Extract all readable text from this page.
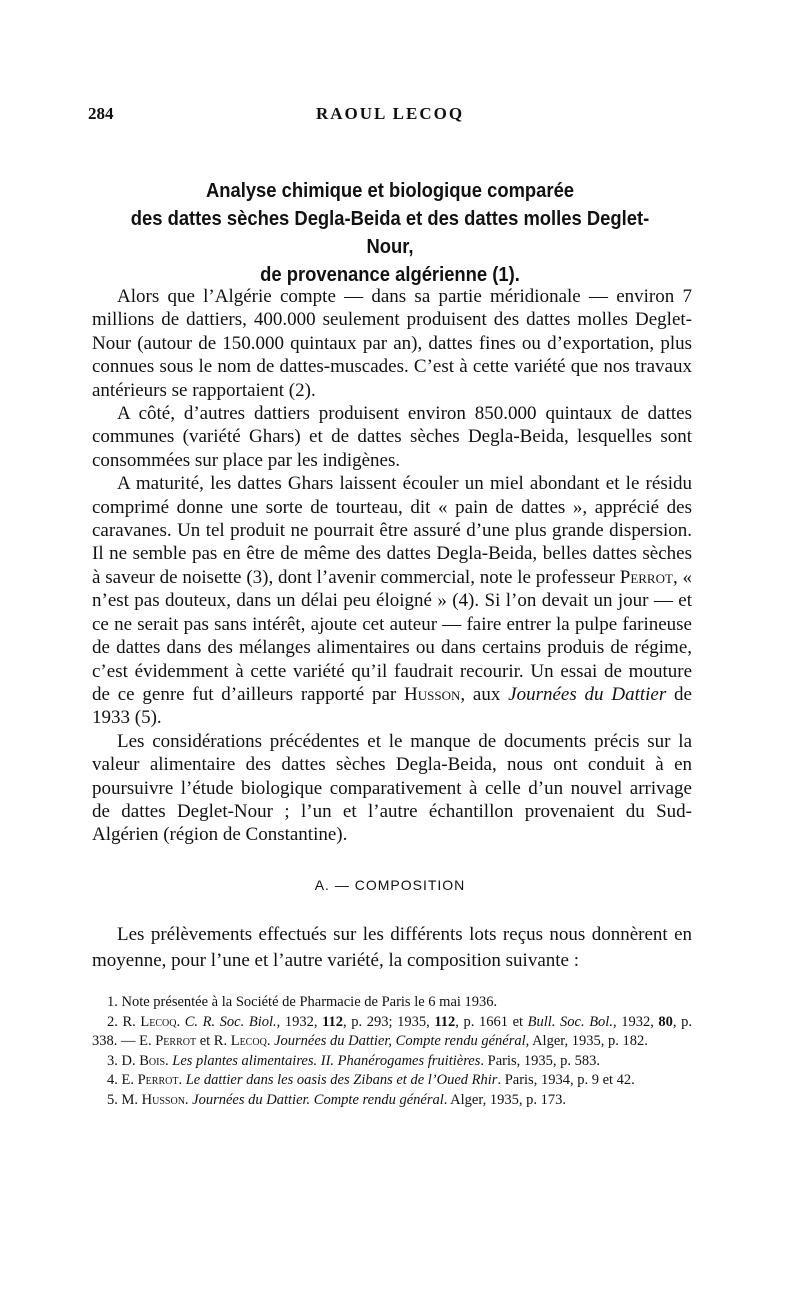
284	RAOUL LECOQ
Analyse chimique et biologique comparée
des dattes sèches Degla-Beida et des dattes molles Deglet-Nour,
de provenance algérienne (1).

Alors que l’Algérie compte — dans sa partie méridionale — environ 7 millions de dattiers, 400.000 seulement produisent des dattes molles Deglet-Nour (autour de 150.000 quintaux par an), dattes fines ou d’exportation, plus connues sous le nom de dattes-muscades. C’est à cette variété que nos travaux antérieurs se rapportaient (2).

A côté, d’autres dattiers produisent environ 850.000 quintaux de dattes communes (variété Ghars) et de dattes sèches Degla-Beida, lesquelles sont consommées sur place par les indigènes.

A maturité, les dattes Ghars laissent écouler un miel abondant et le résidu comprimé donne une sorte de tourteau, dit « pain de dattes », apprécié des caravanes. Un tel produit ne pourrait être assuré d’une plus grande dispersion. Il ne semble pas en être de même des dattes Degla-Beida, belles dattes sèches à saveur de noisette (3), dont l’avenir commercial, note le professeur Perrot, « n’est pas douteux, dans un délai peu éloigné » (4). Si l’on devait un jour — et ce ne serait pas sans intérêt, ajoute cet auteur — faire entrer la pulpe farineuse de dattes dans des mélanges alimentaires ou dans certains produis de régime, c’est évidemment à cette variété qu’il faudrait recourir. Un essai de mouture de ce genre fut d’ailleurs rapporté par Husson, aux Journées du Dattier de 1933 (5).

Les considérations précédentes et le manque de documents précis sur la valeur alimentaire des dattes sèches Degla-Beida, nous ont conduit à en poursuivre l’étude biologique comparativement à celle d’un nouvel arrivage de dattes Deglet-Nour ; l’un et l’autre échantillon provenaient du Sud-Algérien (région de Constantine).

A. — COMPOSITION

Les prélèvements effectués sur les différents lots reçus nous donnèrent en moyenne, pour l’une et l’autre variété, la composition suivante :

1. Note présentée à la Société de Pharmacie de Paris le 6 mai 1936.

2. R. Lecoq. C. R. Soc. Biol., 1932, 112, p. 293; 1935, 112, p. 1661 et Bull. Soc. Bol., 1932, 80, p. 338. — E. Perrot et R. Lecoq. Journées du Dattier, Compte rendu général, Alger, 1935, p. 182.

3. D. Bois. Les plantes alimentaires. II. Phanérogames fruitières. Paris, 1935, p. 583.

4. E. Perrot. Le dattier dans les oasis des Zibans et de l’Oued Rhir. Paris, 1934, p. 9 et 42.

5. M. Husson. Journées du Dattier. Compte rendu général. Alger, 1935, p. 173.
